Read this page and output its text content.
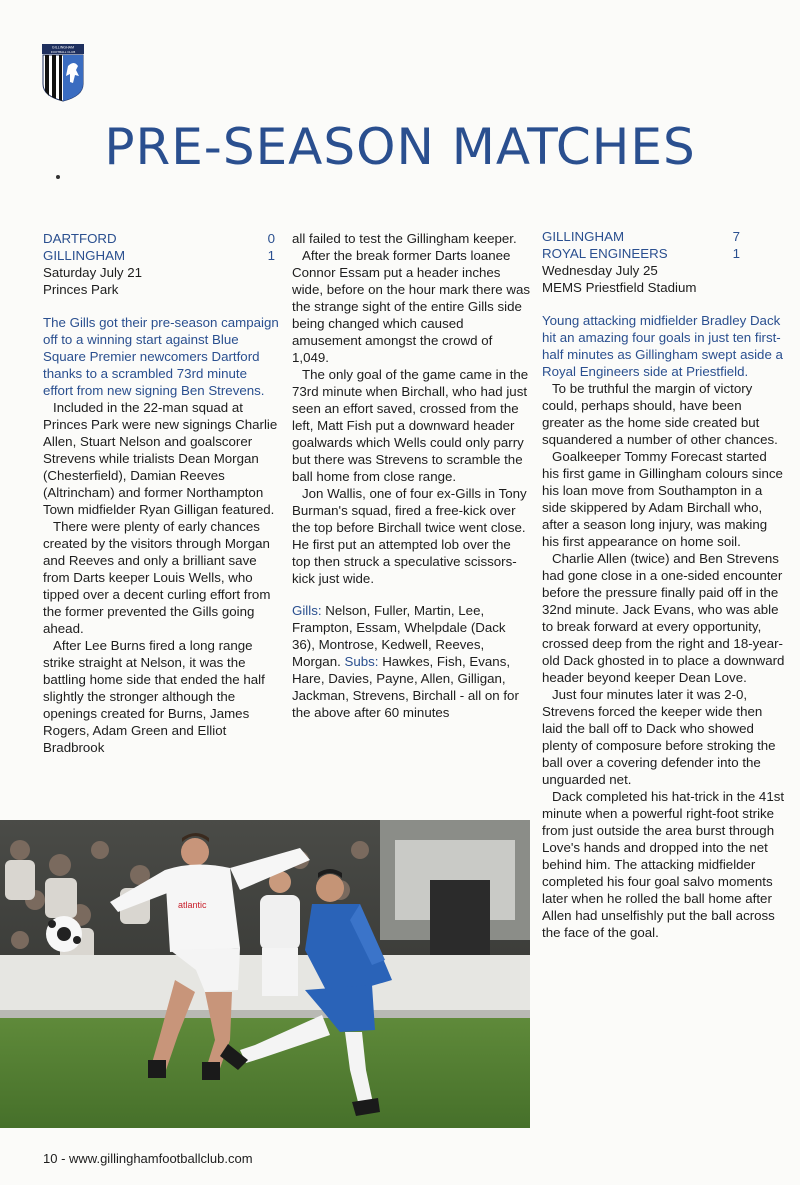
GILLINGHAM
FOOTBALL CLUB
PRE-SEASON MATCHES
DARTFORD	0
GILLINGHAM	1
Saturday July 21
Princes Park

The Gills got their pre-season campaign off to a winning start against Blue Square Premier newcomers Dartford thanks to a scrambled 73rd minute effort from new signing Ben Strevens.

Included in the 22-man squad at Princes Park were new signings Charlie Allen, Stuart Nelson and goalscorer Strevens while trialists Dean Morgan (Chesterfield), Damian Reeves (Altrincham) and former Northampton Town midfielder Ryan Gilligan featured.

There were plenty of early chances created by the visitors through Morgan and Reeves and only a brilliant save from Darts keeper Louis Wells, who tipped over a decent curling effort from the former prevented the Gills going ahead.

After Lee Burns fired a long range strike straight at Nelson, it was the battling home side that ended the half slightly the stronger although the openings created for Burns, James Rogers, Adam Green and Elliot Bradbrook

all failed to test the Gillingham keeper.

After the break former Darts loanee Connor Essam put a header inches wide, before on the hour mark there was the strange sight of the entire Gills side being changed which caused amusement amongst the crowd of 1,049.

The only goal of the game came in the 73rd minute when Birchall, who had just seen an effort saved, crossed from the left, Matt Fish put a downward header goalwards which Wells could only parry but there was Strevens to scramble the ball home from close range.

Jon Wallis, one of four ex-Gills in Tony Burman's squad, fired a free-kick over the top before Birchall twice went close. He first put an attempted lob over the top then struck a speculative scissors-kick just wide.

Gills: Nelson, Fuller, Martin, Lee, Frampton, Essam, Whelpdale (Dack 36), Montrose, Kedwell, Reeves, Morgan. Subs: Hawkes, Fish, Evans, Hare, Davies, Payne, Allen, Gilligan, Jackman, Strevens, Birchall - all on for the above after 60 minutes

GILLINGHAM	7
ROYAL ENGINEERS	1
Wednesday July 25
MEMS Priestfield Stadium

Young attacking midfielder Bradley Dack hit an amazing four goals in just ten first-half minutes as Gillingham swept aside a Royal Engineers side at Priestfield.

To be truthful the margin of victory could, perhaps should, have been greater as the home side created but squandered a number of other chances.

Goalkeeper Tommy Forecast started his first game in Gillingham colours since his loan move from Southampton in a side skippered by Adam Birchall who, after a season long injury, was making his first appearance on home soil.

Charlie Allen (twice) and Ben Strevens had gone close in a one-sided encounter before the pressure finally paid off in the 32nd minute. Jack Evans, who was able to break forward at every opportunity, crossed deep from the right and 18-year-old Dack ghosted in to place a downward header beyond keeper Dean Love.

Just four minutes later it was 2-0, Strevens forced the keeper wide then laid the ball off to Dack who showed plenty of composure before stroking the ball over a covering defender into the unguarded net.

Dack completed his hat-trick in the 41st minute when a powerful right-foot strike from just outside the area burst through Love's hands and dropped into the net behind him. The attacking midfielder completed his four goal salvo moments later when he rolled the ball home after Allen had unselfishly put the ball across the face of the goal.

atlantic
10 - www.gillinghamfootballclub.com
